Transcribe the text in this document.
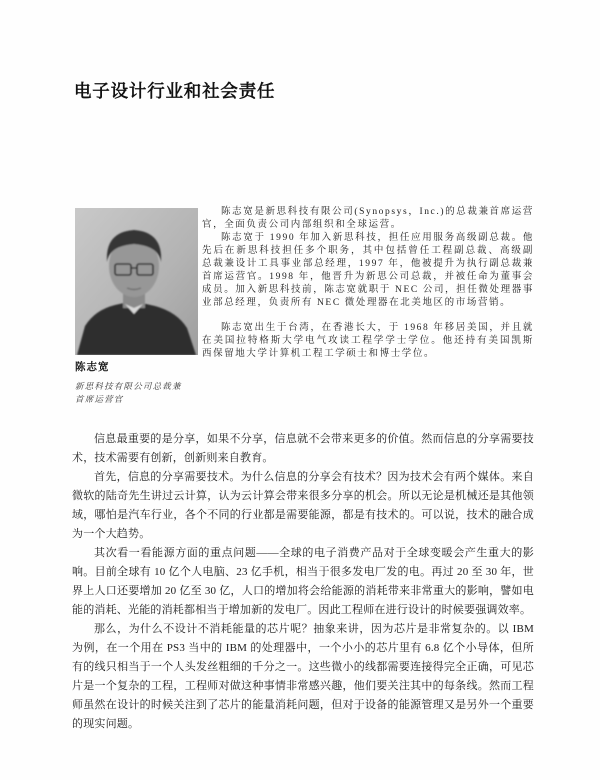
电子设计行业和社会责任

陈志宽是新思科技有限公司(Synopsys，Inc.)的总裁兼首席运营官，全面负责公司内部组织和全球运营。

陈志宽于 1990 年加入新思科技，担任应用服务高级副总裁。他先后在新思科技担任多个职务，其中包括曾任工程副总裁、高级副总裁兼设计工具事业部总经理，1997 年，他被提升为执行副总裁兼首席运营官。1998 年，他晋升为新思公司总裁，并被任命为董事会成员。加入新思科技前，陈志宽就职于 NEC 公司，担任微处理器事业部总经理，负责所有 NEC 微处理器在北美地区的市场营销。

陈志宽出生于台湾，在香港长大，于 1968 年移居美国，并且就在美国拉特格斯大学电气攻读工程学学士学位。他还持有美国凯斯西保留地大学计算机工程工学硕士和博士学位。

陈志宽
新思科技有限公司总裁兼
首席运营官

信息最重要的是分享，如果不分享，信息就不会带来更多的价值。然而信息的分享需要技术，技术需要有创新，创新则来自教育。

首先，信息的分享需要技术。为什么信息的分享会有技术？因为技术会有两个媒体。来自微软的陆奇先生讲过云计算，认为云计算会带来很多分享的机会。所以无论是机械还是其他领域，哪怕是汽车行业，各个不同的行业都是需要能源，都是有技术的。可以说，技术的融合成为一个大趋势。

其次看一看能源方面的重点问题——全球的电子消费产品对于全球变暖会产生重大的影响。目前全球有 10 亿个人电脑、23 亿手机，相当于很多发电厂发的电。再过 20 至 30 年，世界上人口还要增加 20 亿至 30 亿，人口的增加将会给能源的消耗带来非常重大的影响，譬如电能的消耗、光能的消耗都相当于增加新的发电厂。因此工程师在进行设计的时候要强调效率。

那么，为什么不设计不消耗能量的芯片呢？抽象来讲，因为芯片是非常复杂的。以 IBM 为例，在一个用在 PS3 当中的 IBM 的处理器中，一个小小的芯片里有 6.8 亿个小导体，但所有的线只相当于一个人头发丝粗细的千分之一。这些微小的线都需要连接得完全正确，可见芯片是一个复杂的工程，工程师对做这种事情非常感兴趣，他们要关注其中的每条线。然而工程师虽然在设计的时候关注到了芯片的能量消耗问题，但对于设备的能源管理又是另外一个重要的现实问题。
